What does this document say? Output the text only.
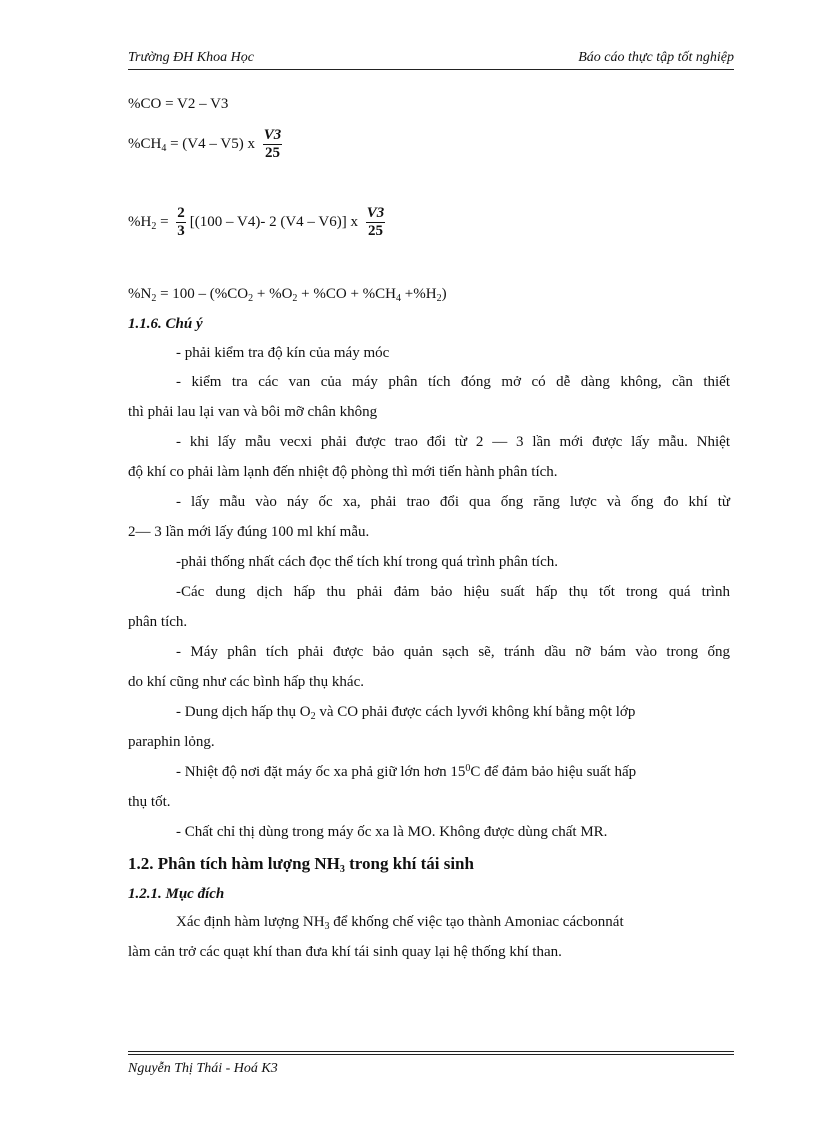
Trường ĐH Khoa Học	Báo cáo thực tập tốt nghiệp
%CO = V2 – V3
$\%CH_4 = (V4 - V5)$ x $\frac{V3}{25}$
$\%H_2 = \frac{2}{3} [(100 - V4)-$ 2 (V4 – V6)] x $\frac{V3}{25}$
$\%N_2 = 100 - (\%CO_2 + \%O_2 + \%CO + \%CH_4 +\%H_2)$
1.1.6. Chú ý
- phải kiểm tra độ kín của máy móc
- kiểm tra các van của máy phân tích đóng mở có dễ dàng không, cần thiết
thì phải lau lại van và bôi mỡ chân không
- khi lấy mẫu vecxi phải được trao đổi từ 2 — 3 lần mới được lấy mẫu. Nhiệt
độ khí co phải làm lạnh đến nhiệt độ phòng thì mới tiến hành phân tích.
- lấy mẫu vào náy ốc xa, phải trao đổi qua ống răng lược và ống đo khí từ
2— 3 lần mới lấy đúng 100 ml khí mẫu.
-phải thống nhất cách đọc thể tích khí trong quá trình phân tích.
-Các dung dịch hấp thu phải đảm bảo hiệu suất hấp thụ tốt trong quá trình
phân tích.
- Máy phân tích phải được bảo quản sạch sẽ, tránh dầu nỡ bám vào trong ống
do khí cũng như các bình hấp thụ khác.
- Dung dịch hấp thụ $O_2$ và CO phải được cách lyvới không khí bằng một lớp
paraphin lỏng.
- Nhiệt độ nơi đặt máy ốc xa phả giữ lớn hơn $15^0C$ để đảm bảo hiệu suất hấp
thụ tốt.
- Chất chỉ thị dùng trong máy ốc xa là MO. Không được dùng chất MR.
1.2. Phân tích hàm lượng $NH_3$ trong khí tái sinh
1.2.1. Mục đích
Xác định hàm lượng $NH_3$ để khống chế việc tạo thành Amoniac cácbonnát
làm cản trở các quạt khí than đưa khí tái sinh quay lại hệ thống khí than.
Nguyễn Thị Thái - Hoá K3
